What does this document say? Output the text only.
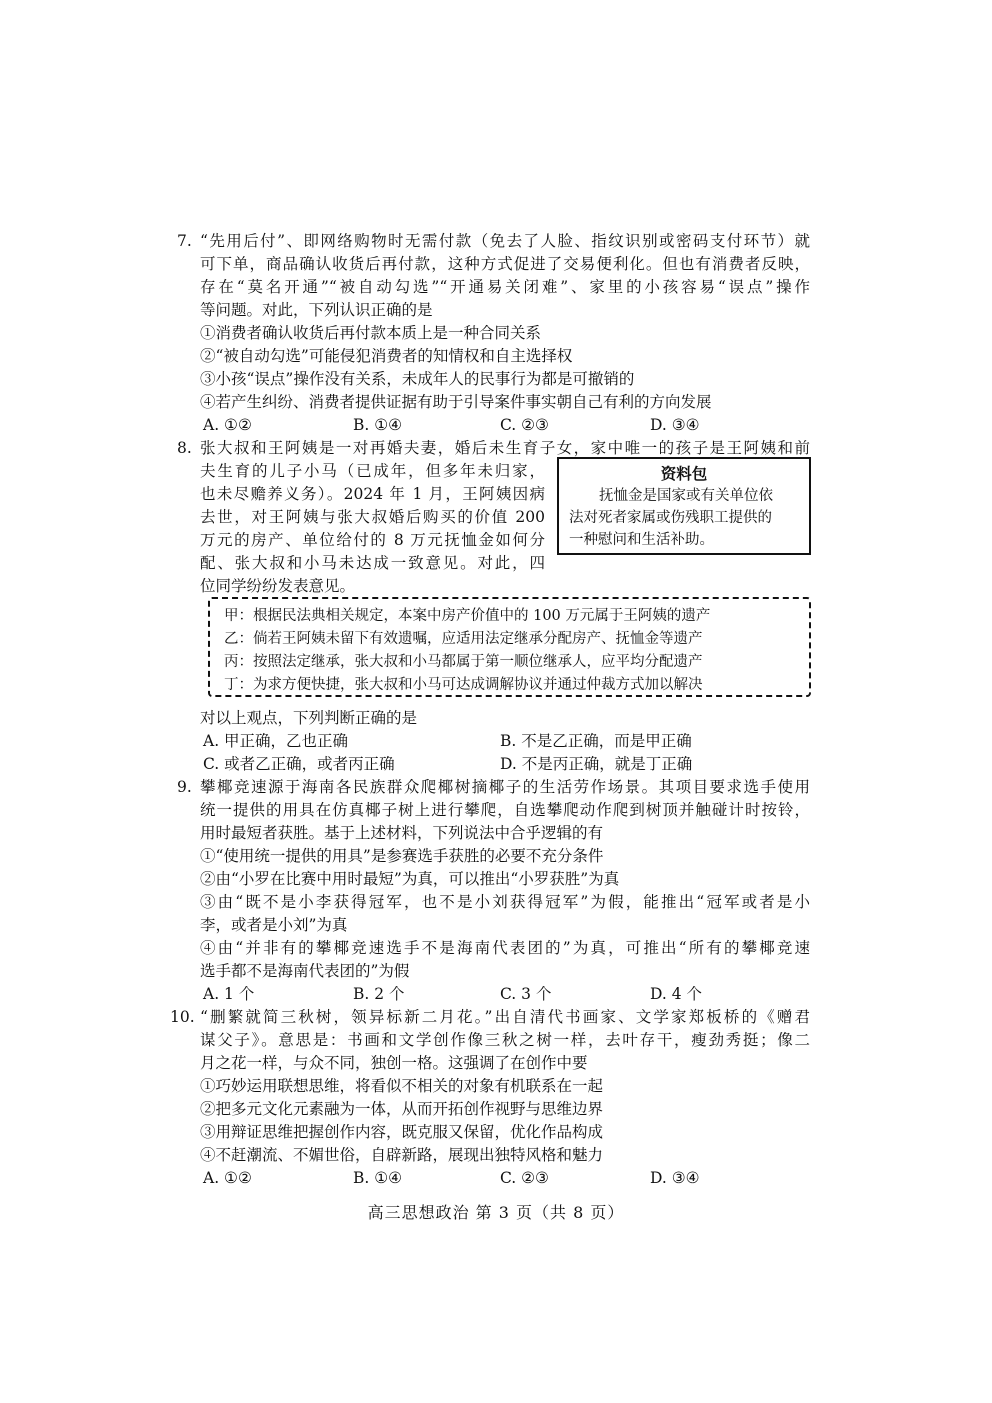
7. “先用后付”、即网络购物时无需付款（免去了人脸、指纹识别或密码支付环节）就
可下单，商品确认收货后再付款，这种方式促进了交易便利化。但也有消费者反映，
存在“莫名开通”“被自动勾选”“开通易关闭难”、家里的小孩容易“误点”操作
等问题。对此，下列认识正确的是
①消费者确认收货后再付款本质上是一种合同关系
②“被自动勾选”可能侵犯消费者的知情权和自主选择权
③小孩“误点”操作没有关系，未成年人的民事行为都是可撤销的
④若产生纠纷、消费者提供证据有助于引导案件事实朝自己有利的方向发展
A. ①②	B. ①④	C. ②③	D. ③④
8. 张大叔和王阿姨是一对再婚夫妻，婚后未生育子女，家中唯一的孩子是王阿姨和前
夫生育的儿子小马（已成年，但多年未归家，
也未尽赡养义务）。2024 年 1 月，王阿姨因病
去世，对王阿姨与张大叔婚后购买的价值 200
万元的房产、单位给付的 8 万元抚恤金如何分
配、张大叔和小马未达成一致意见。对此，四
位同学纷纷发表意见。
资料包

抚恤金是国家或有关单位依

法对死者家属或伤残职工提供的

一种慰问和生活补助。

甲：根据民法典相关规定，本案中房产价值中的 100 万元属于王阿姨的遗产

乙：倘若王阿姨未留下有效遗嘱，应适用法定继承分配房产、抚恤金等遗产

丙：按照法定继承，张大叔和小马都属于第一顺位继承人，应平均分配遗产

丁：为求方便快捷，张大叔和小马可达成调解协议并通过仲裁方式加以解决

对以上观点，下列判断正确的是
A. 甲正确，乙也正确	B. 不是乙正确，而是甲正确
C. 或者乙正确，或者丙正确	D. 不是丙正确，就是丁正确
9. 攀椰竞速源于海南各民族群众爬椰树摘椰子的生活劳作场景。其项目要求选手使用
统一提供的用具在仿真椰子树上进行攀爬，自选攀爬动作爬到树顶并触碰计时按铃，
用时最短者获胜。基于上述材料，下列说法中合乎逻辑的有
①“使用统一提供的用具”是参赛选手获胜的必要不充分条件
②由“小罗在比赛中用时最短”为真，可以推出“小罗获胜”为真
③由“既不是小李获得冠军，也不是小刘获得冠军”为假，能推出“冠军或者是小
李，或者是小刘”为真
④由“并非有的攀椰竞速选手不是海南代表团的”为真，可推出“所有的攀椰竞速
选手都不是海南代表团的”为假
A. 1 个	B. 2 个	C. 3 个	D. 4 个
10. “删繁就简三秋树，领异标新二月花。”出自清代书画家、文学家郑板桥的《赠君
谋父子》。意思是：书画和文学创作像三秋之树一样，去叶存干，瘦劲秀挺；像二
月之花一样，与众不同，独创一格。这强调了在创作中要
①巧妙运用联想思维，将看似不相关的对象有机联系在一起
②把多元文化元素融为一体，从而开拓创作视野与思维边界
③用辩证思维把握创作内容，既克服又保留，优化作品构成
④不赶潮流、不媚世俗，自辟新路，展现出独特风格和魅力
A. ①②	B. ①④	C. ②③	D. ③④
高三思想政治 第 3 页（共 8 页）
